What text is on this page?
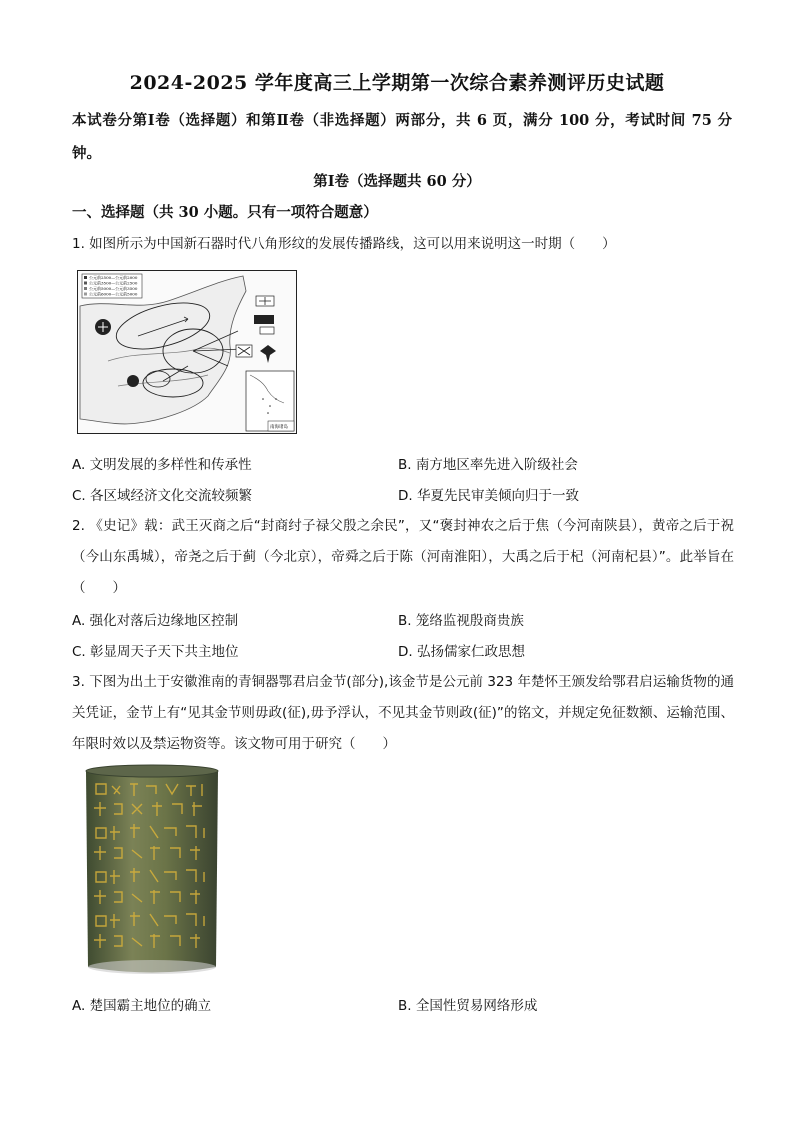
2024-2025 学年度高三上学期第一次综合素养测评历史试题
本试卷分第Ⅰ卷（选择题）和第Ⅱ卷（非选择题）两部分，共 6 页，满分 100 分，考试时间 75 分钟。
第Ⅰ卷（选择题共 60 分）
一、选择题（共 30 小题。只有一项符合题意）
1. 如图所示为中国新石器时代八角形纹的发展传播路线，这可以用来说明这一时期（　　）
公元前2500—公元前2000
公元前3500—公元前2500
公元前5000—公元前3500
公元前6000—公元前5000
南海诸岛
A. 文明发展的多样性和传承性	B. 南方地区率先进入阶级社会
C. 各区域经济文化交流较频繁	D. 华夏先民审美倾向归于一致
2. 《史记》载：武王灭商之后“封商纣子禄父殷之余民”，又“褒封神农之后于焦（今河南陕县），黄帝之后于祝（今山东禹城），帝尧之后于蓟（今北京），帝舜之后于陈（河南淮阳），大禹之后于杞（河南杞县）”。此举旨在（　　）
A. 强化对落后边缘地区控制	B. 笼络监视殷商贵族
C. 彰显周天子天下共主地位	D. 弘扬儒家仁政思想
3. 下图为出土于安徽淮南的青铜器鄂君启金节(部分),该金节是公元前 323 年楚怀王颁发给鄂君启运输货物的通关凭证，金节上有“见其金节则毋政(征),毋予浮认，不见其金节则政(征)”的铭文，并规定免征数额、运输范围、年限时效以及禁运物资等。该文物可用于研究（　　）
A. 楚国霸主地位的确立	B. 全国性贸易网络形成
